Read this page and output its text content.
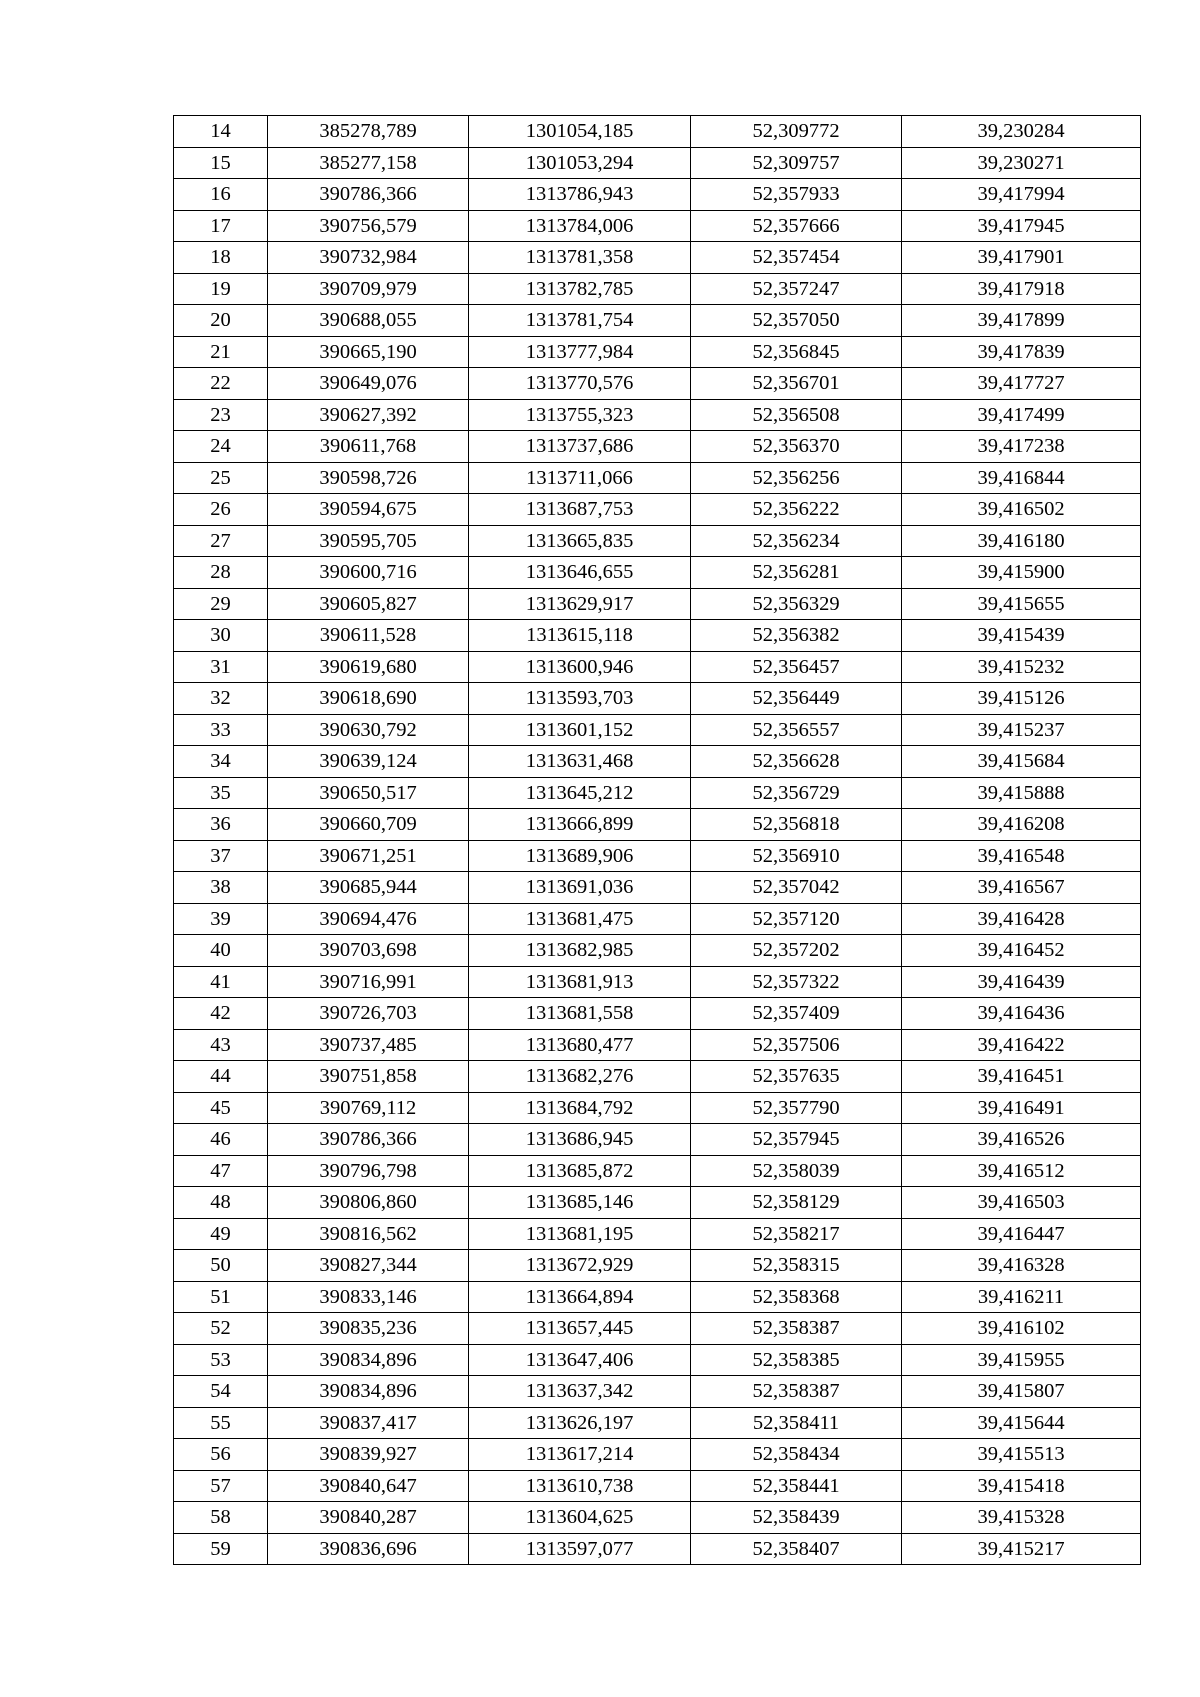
14	385278,789	1301054,185	52,309772	39,230284
15	385277,158	1301053,294	52,309757	39,230271
16	390786,366	1313786,943	52,357933	39,417994
17	390756,579	1313784,006	52,357666	39,417945
18	390732,984	1313781,358	52,357454	39,417901
19	390709,979	1313782,785	52,357247	39,417918
20	390688,055	1313781,754	52,357050	39,417899
21	390665,190	1313777,984	52,356845	39,417839
22	390649,076	1313770,576	52,356701	39,417727
23	390627,392	1313755,323	52,356508	39,417499
24	390611,768	1313737,686	52,356370	39,417238
25	390598,726	1313711,066	52,356256	39,416844
26	390594,675	1313687,753	52,356222	39,416502
27	390595,705	1313665,835	52,356234	39,416180
28	390600,716	1313646,655	52,356281	39,415900
29	390605,827	1313629,917	52,356329	39,415655
30	390611,528	1313615,118	52,356382	39,415439
31	390619,680	1313600,946	52,356457	39,415232
32	390618,690	1313593,703	52,356449	39,415126
33	390630,792	1313601,152	52,356557	39,415237
34	390639,124	1313631,468	52,356628	39,415684
35	390650,517	1313645,212	52,356729	39,415888
36	390660,709	1313666,899	52,356818	39,416208
37	390671,251	1313689,906	52,356910	39,416548
38	390685,944	1313691,036	52,357042	39,416567
39	390694,476	1313681,475	52,357120	39,416428
40	390703,698	1313682,985	52,357202	39,416452
41	390716,991	1313681,913	52,357322	39,416439
42	390726,703	1313681,558	52,357409	39,416436
43	390737,485	1313680,477	52,357506	39,416422
44	390751,858	1313682,276	52,357635	39,416451
45	390769,112	1313684,792	52,357790	39,416491
46	390786,366	1313686,945	52,357945	39,416526
47	390796,798	1313685,872	52,358039	39,416512
48	390806,860	1313685,146	52,358129	39,416503
49	390816,562	1313681,195	52,358217	39,416447
50	390827,344	1313672,929	52,358315	39,416328
51	390833,146	1313664,894	52,358368	39,416211
52	390835,236	1313657,445	52,358387	39,416102
53	390834,896	1313647,406	52,358385	39,415955
54	390834,896	1313637,342	52,358387	39,415807
55	390837,417	1313626,197	52,358411	39,415644
56	390839,927	1313617,214	52,358434	39,415513
57	390840,647	1313610,738	52,358441	39,415418
58	390840,287	1313604,625	52,358439	39,415328
59	390836,696	1313597,077	52,358407	39,415217
